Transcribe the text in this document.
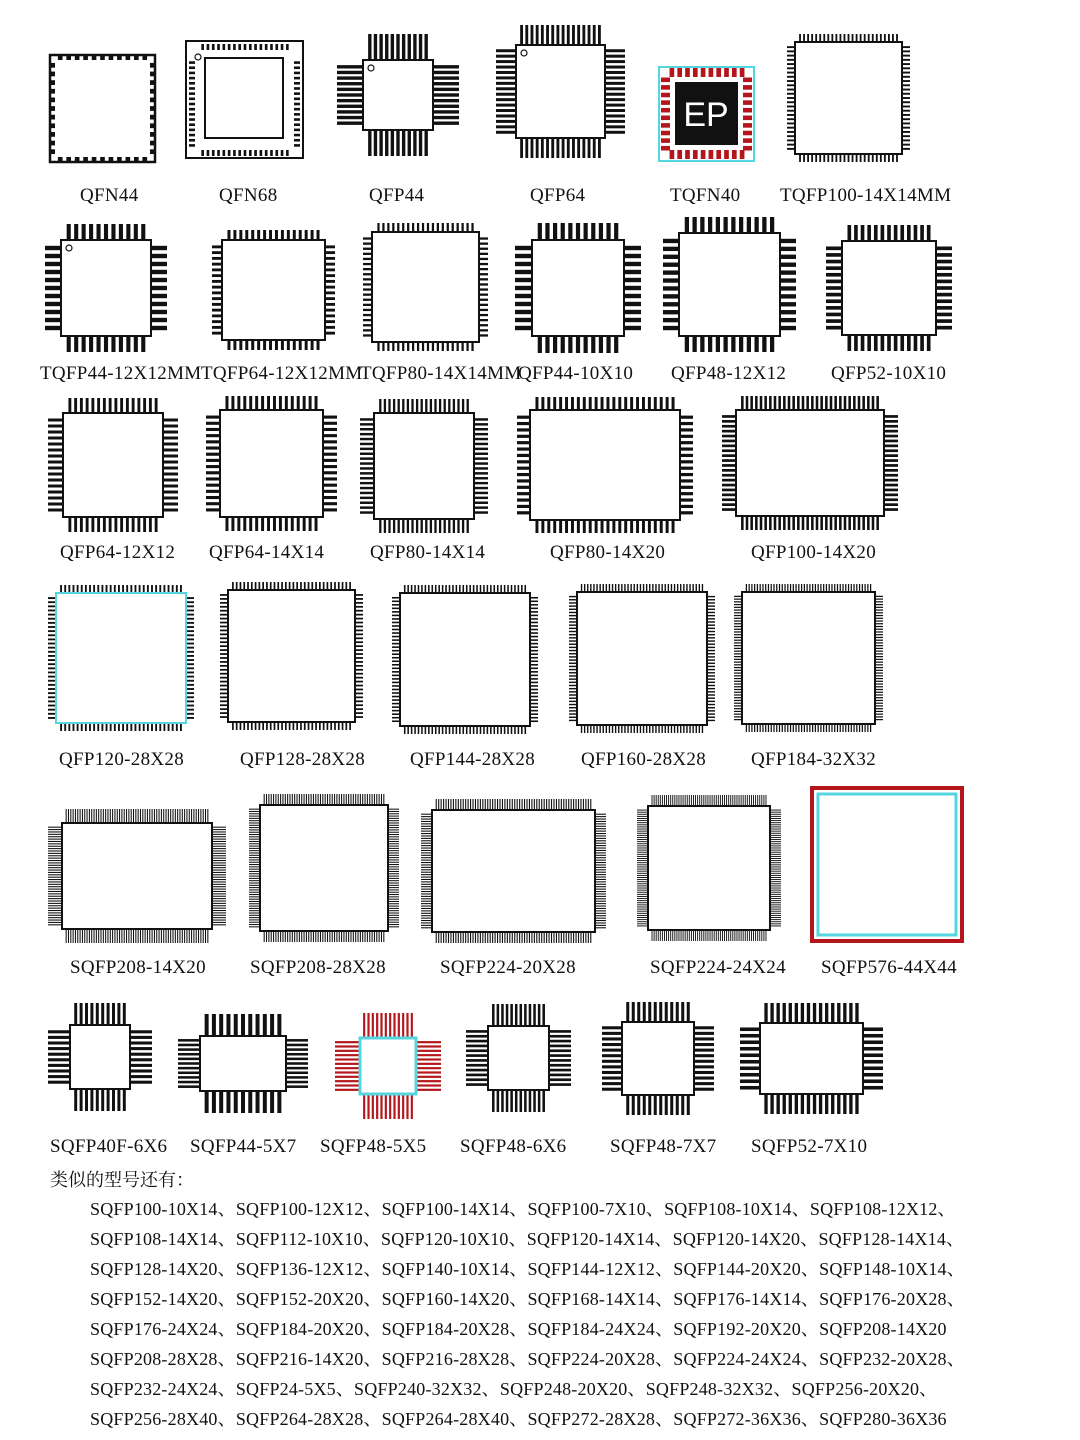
EP
QFN44	QFN68	QFP44	QFP64	TQFN40 TQFP100-14X14MM
TQFP44-12X12MM TQFP64-12X12MM
TQFP80-14X14MM
QFP44-10X10 QFP48-12X12 QFP52-10X10
QFP64-12X12 QFP64-14X14 QFP80-14X14	QFP80-14X20	QFP100-14X20
QFP120-28X28	QFP128-28X28 QFP144-28X28 QFP160-28X28 QFP184-32X32
SQFP208-14X20 SQFP208-28X28	SQFP224-20X28	SQFP224-24X24 SQFP576-44X44
SQFP40F-6X6 SQFP44-5X7 SQFP48-5X5 SQFP48-6X6 SQFP48-7X7 SQFP52-7X10
类似的型号还有：
SQFP100-10X14、SQFP100-12X12、SQFP100-14X14、SQFP100-7X10、SQFP108-10X14、SQFP108-12X12、
SQFP108-14X14、SQFP112-10X10、SQFP120-10X10、SQFP120-14X14、SQFP120-14X20、SQFP128-14X14、
SQFP128-14X20、SQFP136-12X12、SQFP140-10X14、SQFP144-12X12、SQFP144-20X20、SQFP148-10X14、
SQFP152-14X20、SQFP152-20X20、SQFP160-14X20、SQFP168-14X14、SQFP176-14X14、SQFP176-20X28、
SQFP176-24X24、SQFP184-20X20、SQFP184-20X28、SQFP184-24X24、SQFP192-20X20、SQFP208-14X20
SQFP208-28X28、SQFP216-14X20、SQFP216-28X28、SQFP224-20X28、SQFP224-24X24、SQFP232-20X28、
SQFP232-24X24、SQFP24-5X5、SQFP240-32X32、SQFP248-20X20、SQFP248-32X32、SQFP256-20X20、
SQFP256-28X40、SQFP264-28X28、SQFP264-28X40、SQFP272-28X28、SQFP272-36X36、SQFP280-36X36
